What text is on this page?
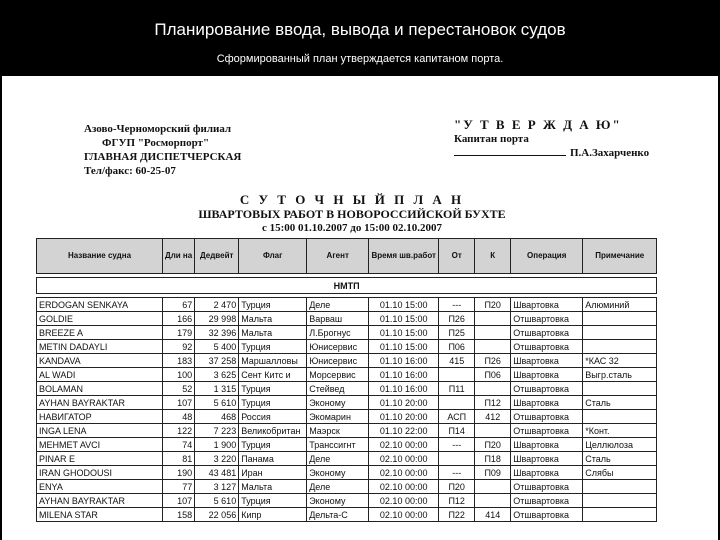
Планирование ввода, вывода и перестановок судов
Сформированный план утверждается капитаном порта.
Азово-Черноморский филиал
ФГУП "Росморпорт"
ГЛАВНАЯ ДИСПЕТЧЕРСКАЯ
Тел/факс: 60-25-07
"У Т В Е Р Ж Д А Ю"
Капитан порта
П.А.Захарченко
С У Т О Ч Н Ы Й П Л А Н
ШВАРТОВЫХ РАБОТ В НОВОРОССИЙСКОЙ БУХТЕ
с 15:00 01.10.2007 до 15:00 02.10.2007
Название судна	Дли на	Дедвейт	Флаг	Агент	Время шв.работ	От	К	Операция	Примечание

НМТП									

ERDOGAN SENKAYA	67	2 470	Турция	Деле	01.10 15:00	---	П20	Швартовка	Алюминий
GOLDIE	166	29 998	Мальта	Варваш	01.10 15:00	П26		Отшвартовка	
BREEZE A	179	32 396	Мальта	Л.Брогнус	01.10 15:00	П25		Отшвартовка	
METIN DADAYLI	92	5 400	Турция	Юнисервис	01.10 15:00	П06		Отшвартовка	
KANDAVA	183	37 258	Маршалловы	Юнисервис	01.10 16:00	415	П26	Швартовка	*КАС 32
AL WADI	100	3 625	Сент Китс и	Морсервис	01.10 16:00		П06	Швартовка	Выгр.сталь
BOLAMAN	52	1 315	Турция	Стейвед	01.10 16:00	П11		Отшвартовка	
AYHAN BAYRAKTAR	107	5 610	Турция	Эконому	01.10 20:00		П12	Швартовка	Сталь
НАВИГАТОР	48	468	Россия	Экомарин	01.10 20:00	АСП	412	Отшвартовка	
INGA LENA	122	7 223	Великобритан	Маэрск	01.10 22:00	П14		Отшвартовка	*Конт.
MEHMET AVCI	74	1 900	Турция	Транссигнт	02.10 00:00	---	П20	Швартовка	Целлюлоза
PINAR E	81	3 220	Панама	Деле	02.10 00:00		П18	Швартовка	Сталь
IRAN GHODOUSI	190	43 481	Иран	Эконому	02.10 00:00	---	П09	Швартовка	Слябы
ENYA	77	3 127	Мальта	Деле	02.10 00:00	П20		Отшвартовка	
AYHAN BAYRAKTAR	107	5 610	Турция	Эконому	02.10 00:00	П12		Отшвартовка	
MILENA STAR	158	22 056	Кипр	Дельта-С	02.10 00:00	П22	414	Отшвартовка	
